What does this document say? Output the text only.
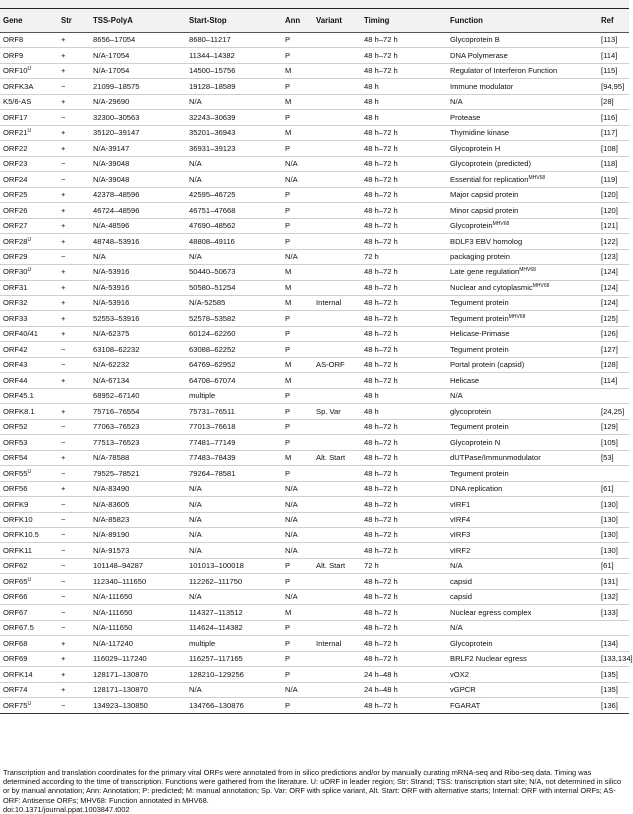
Gene	Str	TSS-PolyA	Start-Stop	Ann	Variant	Timing	Function	Ref
ORF8	+	8656–17054	8680–11217	P		48 h–72 h	Glycoprotein B	[113]
ORF9	+	N/A-17054	11344–14382	P		48 h–72 h	DNA Polymerase	[114]
$ORF10^U$	+	N/A-17054	14500–15756	M		48 h–72 h	Regulator of Interferon Function	[115]
ORFK3A	−	21099–18575	19128–18589	P		48 h	Immune modulator	[94,95]
K5/6-AS	+	N/A-29690	N/A	M		48 h	N/A	[28]
ORF17	−	32300–30563	32243–30639	P		48 h	Protease	[116]
$ORF21^U$	+	35120–39147	35201–36943	M		48 h–72 h	Thymidine kinase	[117]
ORF22	+	N/A-39147	36931–39123	P		48 h–72 h	Glycoprotein H	[108]
ORF23	−	N/A-39048	N/A	N/A		48 h–72 h	Glycoprotein (predicted)	[118]
ORF24	−	N/A-39048	N/A	N/A		48 h–72 h	Essential for replication$^{MHV68}$	[119]
ORF25	+	42378–48596	42595–46725	P		48 h–72 h	Major capsid protein	[120]
ORF26	+	46724–48596	46751–47668	P		48 h–72 h	Minor capsid protein	[120]
ORF27	+	N/A-48596	47690–48562	P		48 h–72 h	Glycoprotein$^{MHV68}$	[121]
$ORF28^U$	+	48748–53916	48808–49116	P		48 h–72 h	BDLF3 EBV homolog	[122]
ORF29	−	N/A	N/A	N/A		72 h	packaging protein	[123]
$ORF30^U$	+	N/A-53916	50440–50673	M		48 h–72 h	Late gene regulation$^{MHV68}$	[124]
ORF31	+	N/A-53916	50580–51254	M		48 h–72 h	Nuclear and cytoplasmic$^{MHV68}$	[124]
ORF32	+	N/A-53916	N/A-52585	M	Internal	48 h–72 h	Tegument protein	[124]
ORF33	+	52553–53916	52578–53582	P		48 h–72 h	Tegument protein$^{MHV68}$	[125]
ORF40/41	+	N/A-62375	60124–62260	P		48 h–72 h	Helicase-Primase	[126]
ORF42	−	63108–62232	63088–62252	P		48 h–72 h	Tegument protein	[127]
ORF43	−	N/A-62232	64769–62952	M	AS-ORF	48 h–72 h	Portal protein (capsid)	[128]
ORF44	+	N/A-67134	64708–67074	M		48 h–72 h	Helicase	[114]
ORF45.1		68952–67140	multiple	P		48 h	N/A	
ORFK8.1	+	75716–76554	75731–76511	P	Sp. Var	48 h	glycoprotein	[24,25]
ORF52	−	77063–76523	77013–76618	P		48 h–72 h	Tegument protein	[129]
ORF53	−	77513–76523	77481–77149	P		48 h–72 h	Glycoprotein N	[105]
ORF54	+	N/A-78588	77483–78439	M	Alt. Start	48 h–72 h	dUTPase/Immunmodulator	[53]
$ORF55^U$	−	79525–78521	79264–78581	P		48 h–72 h	Tegument protein	
ORF56	+	N/A-83490	N/A	N/A		48 h–72 h	DNA replication	[61]
ORFK9	−	N/A-83605	N/A	N/A		48 h–72 h	vIRF1	[130]
ORFK10	−	N/A-85823	N/A	N/A		48 h–72 h	vIRF4	[130]
ORFK10.5	−	N/A-89190	N/A	N/A		48 h–72 h	vIRF3	[130]
ORFK11	−	N/A-91573	N/A	N/A		48 h–72 h	vIRF2	[130]
ORF62	−	101148–94287	101013–100018	P	Alt. Start	72 h	N/A	[61]
$ORF65^U$	−	112340–111650	112262–111750	P		48 h–72 h	capsid	[131]
ORF66	−	N/A-111650	N/A	N/A		48 h–72 h	capsid	[132]
ORF67	−	N/A-111650	114327–113512	M		48 h–72 h	Nuclear egress complex	[133]
ORF67.5	−	N/A-111650	114624–114382	P		48 h–72 h	N/A	
ORF68	+	N/A-117240	multiple	P	Internal	48 h–72 h	Glycoprotein	[134]
ORF69	+	116029–117240	116257–117165	P		48 h–72 h	BRLF2 Nuclear egress	[133,134]
ORFK14	+	128171–130870	128210–129256	P		24 h–48 h	vOX2	[135]
ORF74	+	128171–130870	N/A	N/A		24 h–48 h	vGPCR	[135]
$ORF75^U$	−	134923–130850	134766–130876	P		48 h–72 h	FGARAT	[136]
Transcription and translation coordinates for the primary viral ORFs were annotated from in silico predictions and/or by manually curating mRNA-seq and Ribo-seq data. Timing was determined according to the time of transcription. Functions were gathered from the literature. U: uORF in leader region; Str: Strand; TSS: transcription start site; N/A, not determined in silico or by manual annotation; Ann: Annotation; P: predicted; M: manual annotation; Sp. Var: ORF with splice variant, Alt. Start: ORF with alternative starts; Internal: ORF with internal ORFs; AS-ORF: Antisense ORFs; MHV68: Function annotated in MHV68.
doi:10.1371/journal.ppat.1003847.t002
